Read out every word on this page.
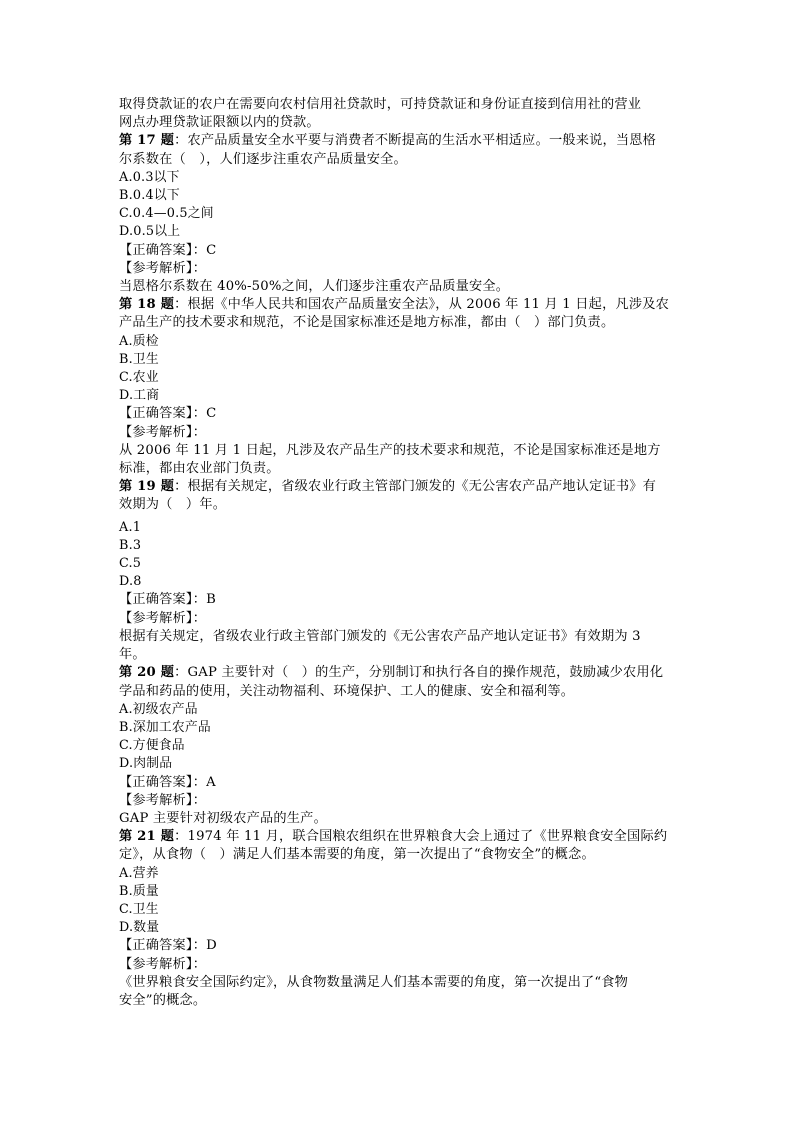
取得贷款证的农户在需要向农村信用社贷款时，可持贷款证和身份证直接到信用社的营业
网点办理贷款证限额以内的贷款。
第 17 题：农产品质量安全水平要与消费者不断提高的生活水平相适应。一般来说，当恩格
尔系数在（　），人们逐步注重农产品质量安全。
A.0.3以下
B.0.4以下
C.0.4—0.5之间
D.0.5以上
【正确答案】：C
【参考解析】：
当恩格尔系数在 40%-50%之间，人们逐步注重农产品质量安全。
第 18 题：根据《中华人民共和国农产品质量安全法》，从 2006 年 11 月 1 日起，凡涉及农
产品生产的技术要求和规范，不论是国家标准还是地方标准，都由（　）部门负责。
A.质检
B.卫生
C.农业
D.工商
【正确答案】：C
【参考解析】：
从 2006 年 11 月 1 日起，凡涉及农产品生产的技术要求和规范，不论是国家标准还是地方
标准，都由农业部门负责。
第 19 题：根据有关规定，省级农业行政主管部门颁发的《无公害农产品产地认定证书》有
效期为（　）年。
A.1
B.3
C.5
D.8
【正确答案】：B
【参考解析】：
根据有关规定，省级农业行政主管部门颁发的《无公害农产品产地认定证书》有效期为 3
年。
第 20 题：GAP 主要针对（　）的生产，分别制订和执行各自的操作规范，鼓励减少农用化
学品和药品的使用，关注动物福利、环境保护、工人的健康、安全和福利等。
A.初级农产品
B.深加工农产品
C.方便食品
D.肉制品
【正确答案】：A
【参考解析】：
GAP 主要针对初级农产品的生产。
第 21 题：1974 年 11 月，联合国粮农组织在世界粮食大会上通过了《世界粮食安全国际约
定》，从食物（　）满足人们基本需要的角度，第一次提出了“食物安全”的概念。
A.营养
B.质量
C.卫生
D.数量
【正确答案】：D
【参考解析】：
《世界粮食安全国际约定》，从食物数量满足人们基本需要的角度，第一次提出了“食物
安全”的概念。
